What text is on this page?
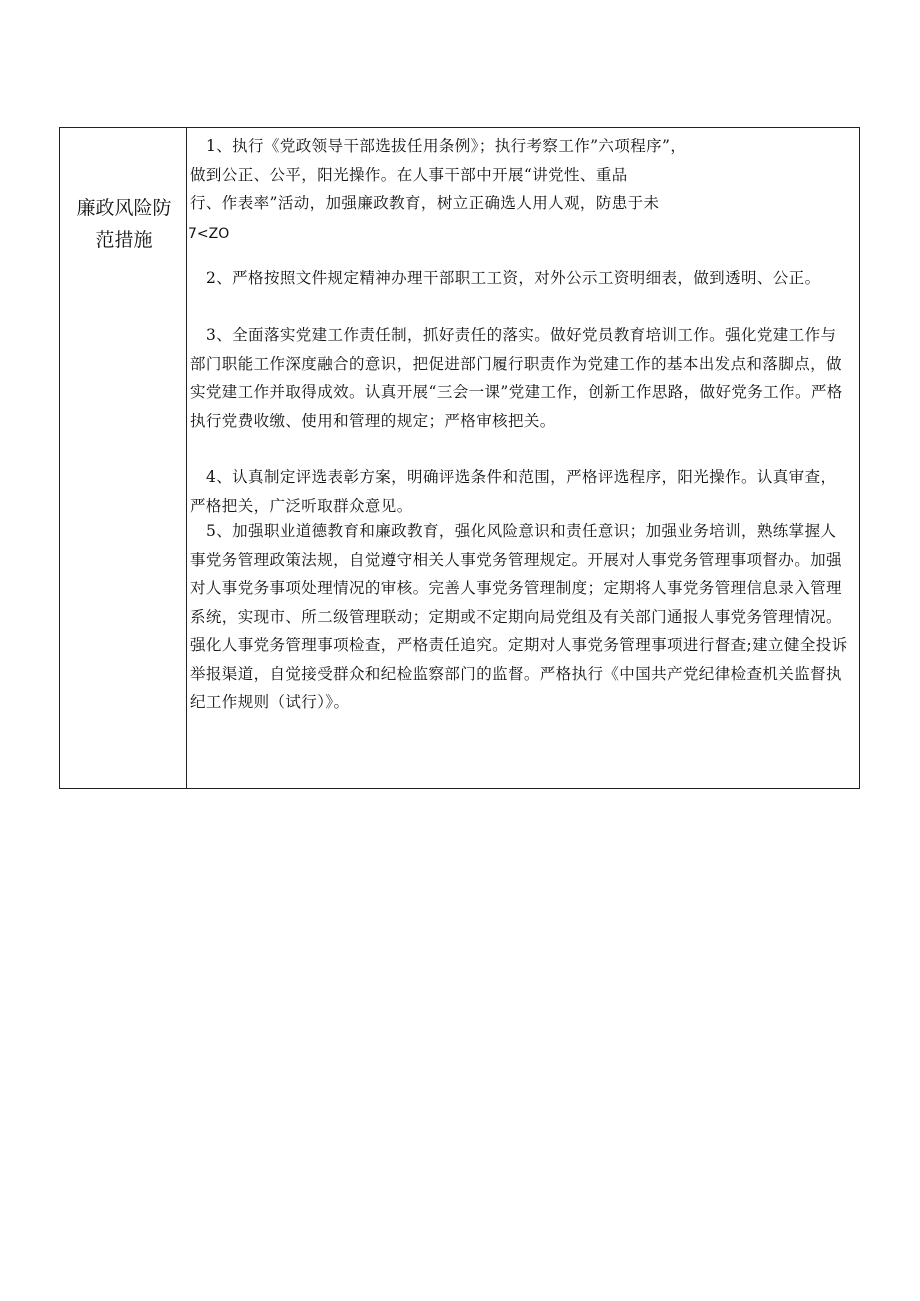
廉政风险防
范措施
1、执行《党政领导干部选拔任用条例》；执行考察工作”六项程序”，
做到公正、公平，阳光操作。在人事干部中开展“讲党性、重品
行、作表率”活动，加强廉政教育，树立正确选人用人观，防患于未
7<ZO

2、严格按照文件规定精神办理干部职工工资，对外公示工资明细表，做到透明、公正。

3、全面落实党建工作责任制，抓好责任的落实。做好党员教育培训工作。强化党建工作与部门职能工作深度融合的意识，把促进部门履行职责作为党建工作的基本出发点和落脚点，做实党建工作并取得成效。认真开展“三会一课”党建工作，创新工作思路，做好党务工作。严格执行党费收缴、使用和管理的规定；严格审核把关。

4、认真制定评选表彰方案，明确评选条件和范围，严格评选程序，阳光操作。认真审查，严格把关，广泛听取群众意见。

5、加强职业道德教育和廉政教育，强化风险意识和责任意识；加强业务培训，熟练掌握人事党务管理政策法规，自觉遵守相关人事党务管理规定。开展对人事党务管理事项督办。加强对人事党务事项处理情况的审核。完善人事党务管理制度；定期将人事党务管理信息录入管理系统，实现市、所二级管理联动；定期或不定期向局党组及有关部门通报人事党务管理情况。强化人事党务管理事项检查，严格责任追究。定期对人事党务管理事项进行督查;建立健全投诉举报渠道，自觉接受群众和纪检监察部门的监督。严格执行《中国共产党纪律检查机关监督执纪工作规则（试行）》。
